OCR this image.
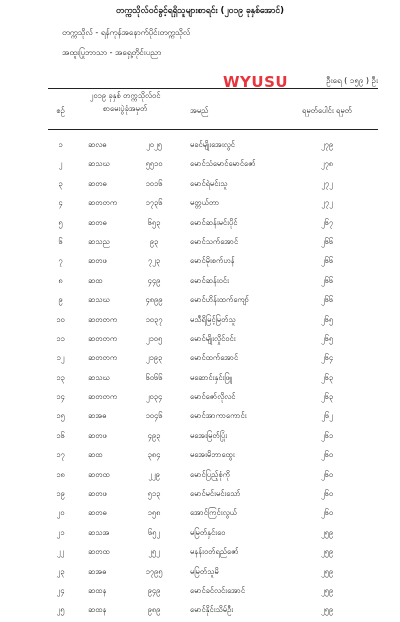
တက္ကသိုလ်ဝင်ခွင့်ရရှိသူများစာရင်း (၂၀၁၉ ခုနှစ်အောင်)
တက္ကသိုလ် - ရန်ကုန်အနောက်ပိုင်းတက္ကသိုလ်
အထူးပြုဘာသာ - အရှေ့တိုင်းပညာ
WYUSU	ဦးရေ ( ၁၅၉ ) ဦး
စဉ်
၂၀၁၉ ခုနှစ် တက္ကသိုလ်ဝင် စာမေးပွဲခုံအမှတ်	အမည်	ရမှတ်ပေါင်း ရမှတ်
၁	ဆလဓ	၂၀၂၅	မခင်မျိုးအေးလွင်	၂၇၉
၂	ဆသဃ	၅၅၁၀	မောင်သံမောင်မောင်ဇော်	၂၇၈
၃	ဆတဓ	၁၀၁၆	မောင်ရဲမင်းသူ	၂၇၂
၄	ဆတတက	၁၇၃၆	မတ္တယ်တာ	၂၇၂
၅	ဆတဓ	၆၅၃	မောင်ဆန်းမင်းပိုင်	၂၆၇
၆	ဆသည	၉၃	မောင်သက်အောင်	၂၆၆
၇	ဆတဖ	၇၂၃	မောင်မိုးစက်ဟန်	၂၆၆
၈	ဆထ	၄၄၉	မောင်ဆန်းဝင်း	၂၆၆
၉	ဆသဃ	၄၈၉၉	မောင်ဟိန်းထက်ကျော်	၂၆၆
၁၀	ဆတတက	၁၀၃၇	မသီရိမြင့်မြတ်သူ	၂၆၅
၁၁	ဆတတက	၂၁၀၅	မောင်မျိုးလှိုင်ဝင်း	၂၆၅
၁၂	ဆတတက	၂၁၉၃	မောင်ထက်အောင်	၂၆၄
၁၃	ဆသဃ	၆၀၆၆	မဆောင်းနှင်းဖြူ	၂၆၃
၁၄	ဆတတက	၂၀၃၄	မောင်ဇော်လိုလင်	၂၆၃
၁၅	ဆအဓ	၁၀၄၆	မောင်အာကာကောင်း	၂၆၂
၁၆	ဆတဖ	၄၉၃	မအေးမြတ်ပြုံး	၂၆၁
၁၇	ဆထ	၃၈၄	မအေးမိဘာထွေး	၂၆၀
၁၈	ဆတထ	၂၂၉	မောင်ပြည့်စုံကို	၂၆၀
၁၉	ဆတဖ	၅၁၃	မောင်မင်းမင်းသော်	၂၆၀
၂၀	ဆတဓ	၁၅၈	အောင်ကြင်းလွယ်	၂၆၀
၂၁	ဆသအ	၆၅၂	မမြတ်နှင်းဝေ	၂၅၉
၂၂	ဆတထ	၂၅၂	မနန်းဝတ်ရည်ဇော်	၂၅၉
၂၃	ဆအဓ	၁၇၉၅	မမြတ်သူမိ	၂၅၉
၂၄	ဆထန	၉၄၉	မောင်ခင်လင်းအောင်	၂၅၉
၂၅	ဆထန	၉၈၉	မောင်နိုင်းသိမ်ဦး	၂၅၉
